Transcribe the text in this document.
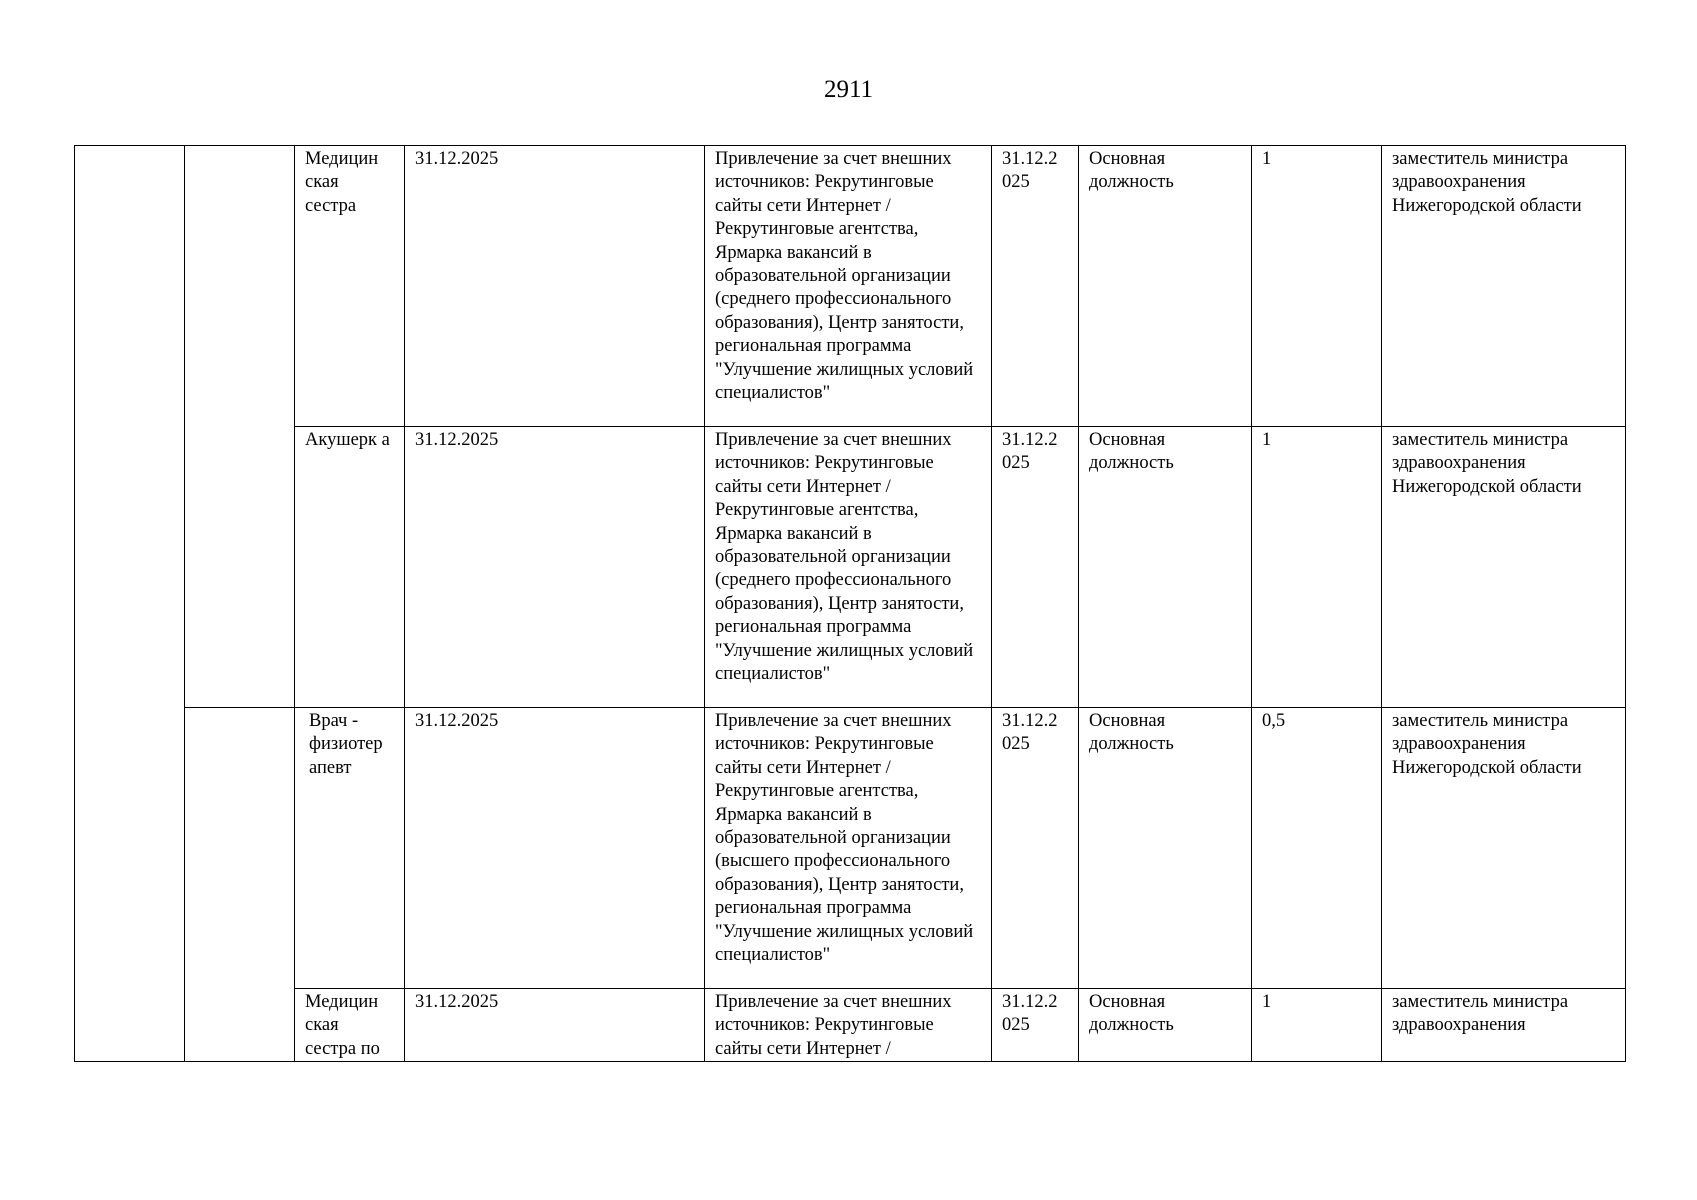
2911
		Медицин ская сестра	31.12.2025	Привлечение за счет внешних источников: Рекрутинговые сайты сети Интернет / Рекрутинговые агентства, Ярмарка вакансий в образовательной организации (среднего профессионального образования), Центр занятости, региональная программа "Улучшение жилищных условий специалистов"	31.12.2 025	Основная должность	1	заместитель министра здравоохранения Нижегородской области
		Акушерк а	31.12.2025	Привлечение за счет внешних источников: Рекрутинговые сайты сети Интернет / Рекрутинговые агентства, Ярмарка вакансий в образовательной организации (среднего профессионального образования), Центр занятости, региональная программа "Улучшение жилищных условий специалистов"	31.12.2 025	Основная должность	1	заместитель министра здравоохранения Нижегородской области
		Врач - физиотер апевт	31.12.2025	Привлечение за счет внешних источников: Рекрутинговые сайты сети Интернет / Рекрутинговые агентства, Ярмарка вакансий в образовательной организации (высшего профессионального образования), Центр занятости, региональная программа "Улучшение жилищных условий специалистов"	31.12.2 025	Основная должность	0,5	заместитель министра здравоохранения Нижегородской области
		Медицин ская сестра по	31.12.2025	Привлечение за счет внешних источников: Рекрутинговые сайты сети Интернет /	31.12.2 025	Основная должность	1	заместитель министра здравоохранения
